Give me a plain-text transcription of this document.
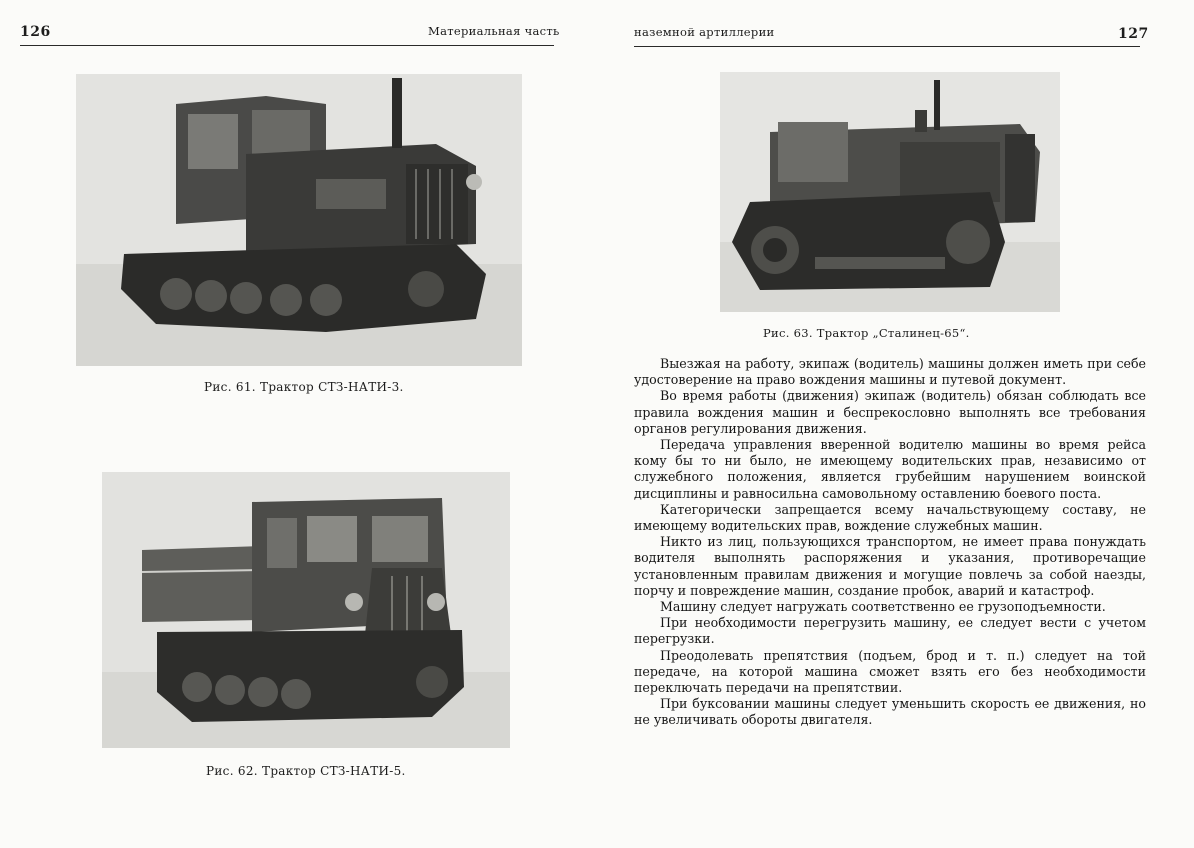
126	Материальная часть
Рис. 61. Трактор СТЗ-НАТИ-3.
Рис. 62. Трактор СТЗ-НАТИ-5.
наземной артиллерии	127
Рис. 63. Трактор „Сталинец-65“.

Выезжая на работу, экипаж (водитель) машины должен иметь при себе удостоверение на право вождения машины и путевой документ.

Во время работы (движения) экипаж (водитель) обязан соблюдать все правила вождения машин и беспрекословно выполнять все требования органов регулирования движения.

Передача управления вверенной водителю машины во время рейса кому бы то ни было, не имеющему водительских прав, независимо от служебного положения, является грубейшим нарушением воинской дисциплины и равносильна самовольному оставлению боевого поста.

Категорически запрещается всему начальствующему составу, не имеющему водительских прав, вождение служебных машин.

Никто из лиц, пользующихся транспортом, не имеет права понуждать водителя выполнять распоряжения и указания, противоречащие установленным правилам движения и могущие повлечь за собой наезды, порчу и повреждение машин, создание пробок, аварий и катастроф.

Машину следует нагружать соответственно ее грузоподъемности.

При необходимости перегрузить машину, ее следует вести с учетом перегрузки.

Преодолевать препятствия (подъем, брод и т. п.) следует на той передаче, на которой машина сможет взять его без необходимости переключать передачи на препятствии.

При буксовании машины следует уменьшить скорость ее движения, но не увеличивать обороты двигателя.
